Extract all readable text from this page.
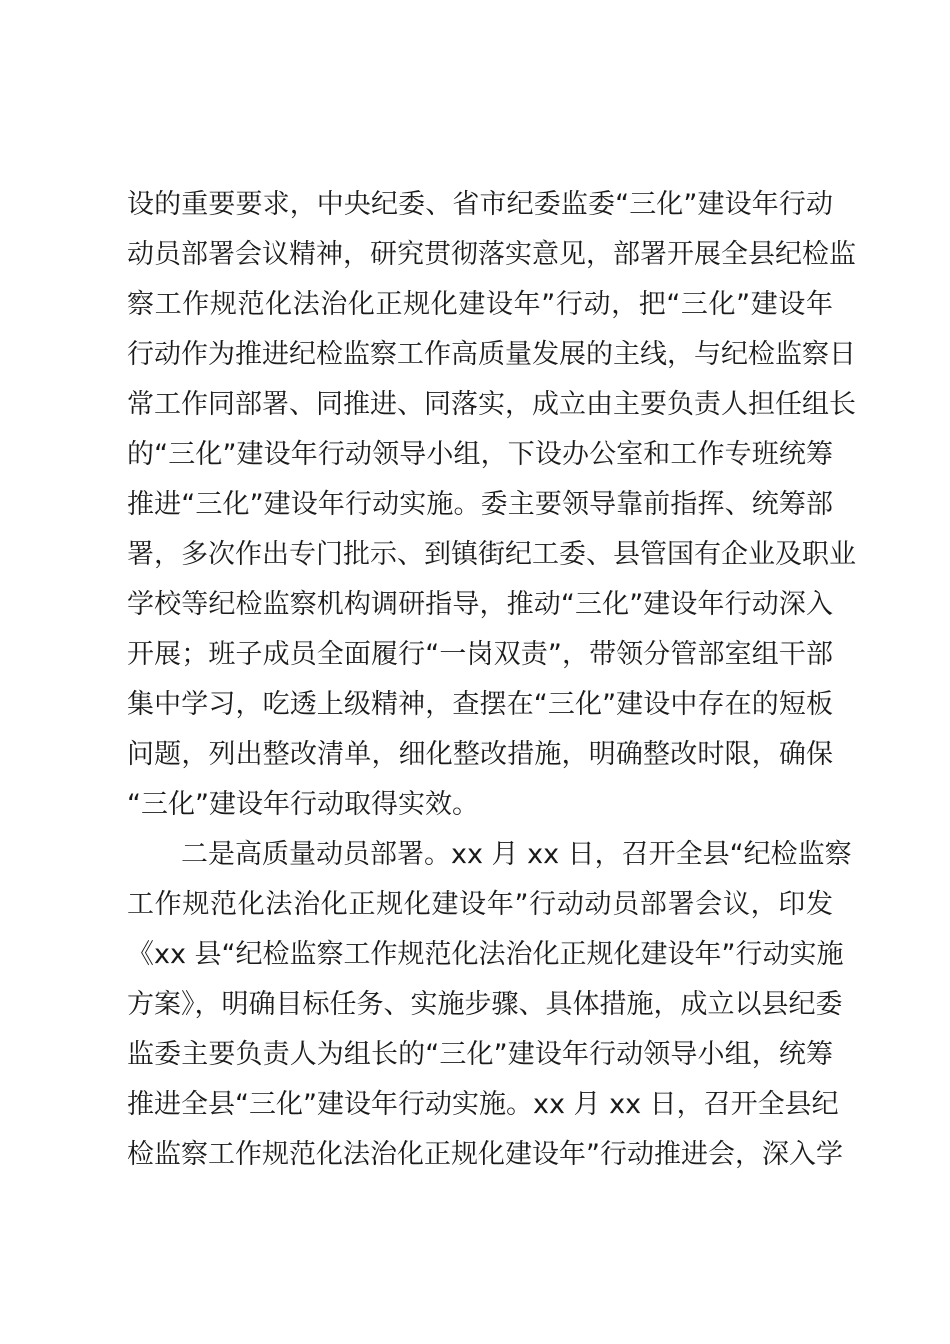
设的重要要求，中央纪委、省市纪委监委“三化”建设年行动
动员部署会议精神，研究贯彻落实意见，部署开展全县纪检监
察工作规范化法治化正规化建设年”行动，把“三化”建设年
行动作为推进纪检监察工作高质量发展的主线，与纪检监察日
常工作同部署、同推进、同落实，成立由主要负责人担任组长
的“三化”建设年行动领导小组，下设办公室和工作专班统筹
推进“三化”建设年行动实施。委主要领导靠前指挥、统筹部
署，多次作出专门批示、到镇街纪工委、县管国有企业及职业
学校等纪检监察机构调研指导，推动“三化”建设年行动深入
开展；班子成员全面履行“一岗双责”，带领分管部室组干部
集中学习，吃透上级精神，查摆在“三化”建设中存在的短板
问题，列出整改清单，细化整改措施，明确整改时限，确保
“三化”建设年行动取得实效。
　　二是高质量动员部署。xx 月 xx 日，召开全县“纪检监察
工作规范化法治化正规化建设年”行动动员部署会议，印发
《xx 县“纪检监察工作规范化法治化正规化建设年”行动实施
方案》，明确目标任务、实施步骤、具体措施，成立以县纪委
监委主要负责人为组长的“三化”建设年行动领导小组，统筹
推进全县“三化”建设年行动实施。xx 月 xx 日，召开全县纪
检监察工作规范化法治化正规化建设年”行动推进会，深入学
